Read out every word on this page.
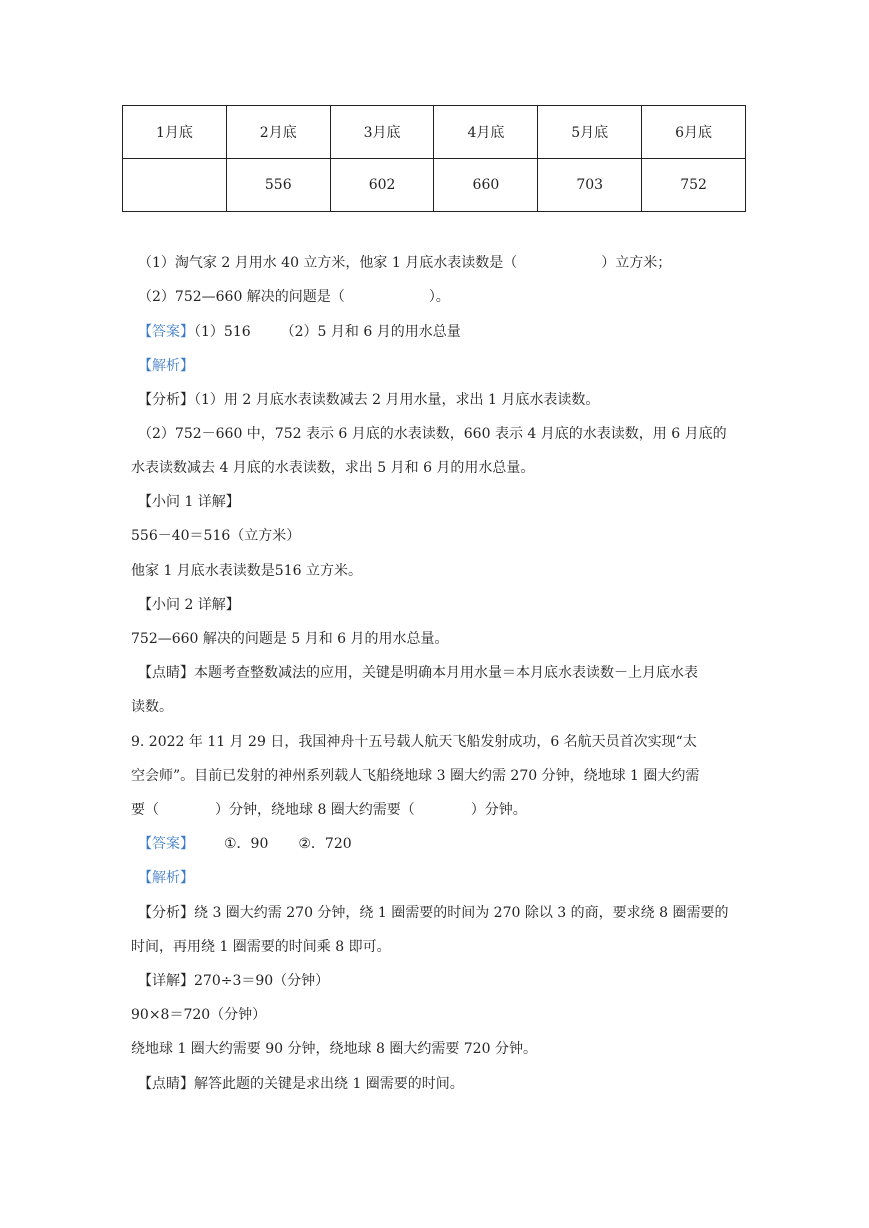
1月底	2月底	3月底	4月底	5月底	6月底
	556	602	660	703	752
（1）淘气家 2 月用水 40 立方米，他家 1 月底水表读数是（	）立方米；
（2）752—660 解决的问题是（	）。
【答案】（1）516 （2）5 月和 6 月的用水总量
【解析】
【分析】（1）用 2 月底水表读数减去 2 月用水量，求出 1 月底水表读数。
（2）752－660 中，752 表示 6 月底的水表读数，660 表示 4 月底的水表读数，用 6 月底的
水表读数减去 4 月底的水表读数，求出 5 月和 6 月的用水总量。
【小问 1 详解】
556－40＝516（立方米）
他家 1 月底水表读数是516 立方米。
【小问 2 详解】
752—660 解决的问题是 5 月和 6 月的用水总量。
【点睛】本题考查整数减法的应用，关键是明确本月用水量＝本月底水表读数－上月底水表
读数。
9. 2022 年 11 月 29 日，我国神舟十五号载人航天飞船发射成功，6 名航天员首次实现“太
空会师”。目前已发射的神州系列载人飞船绕地球 3 圈大约需 270 分钟，绕地球 1 圈大约需
要（	）分钟，绕地球 8 圈大约需要（	）分钟。
【答案】 ①．90 ②．720
【解析】
【分析】绕 3 圈大约需 270 分钟，绕 1 圈需要的时间为 270 除以 3 的商，要求绕 8 圈需要的
时间，再用绕 1 圈需要的时间乘 8 即可。
【详解】270÷3＝90（分钟）
90×8＝720（分钟）
绕地球 1 圈大约需要 90 分钟，绕地球 8 圈大约需要 720 分钟。
【点睛】解答此题的关键是求出绕 1 圈需要的时间。
